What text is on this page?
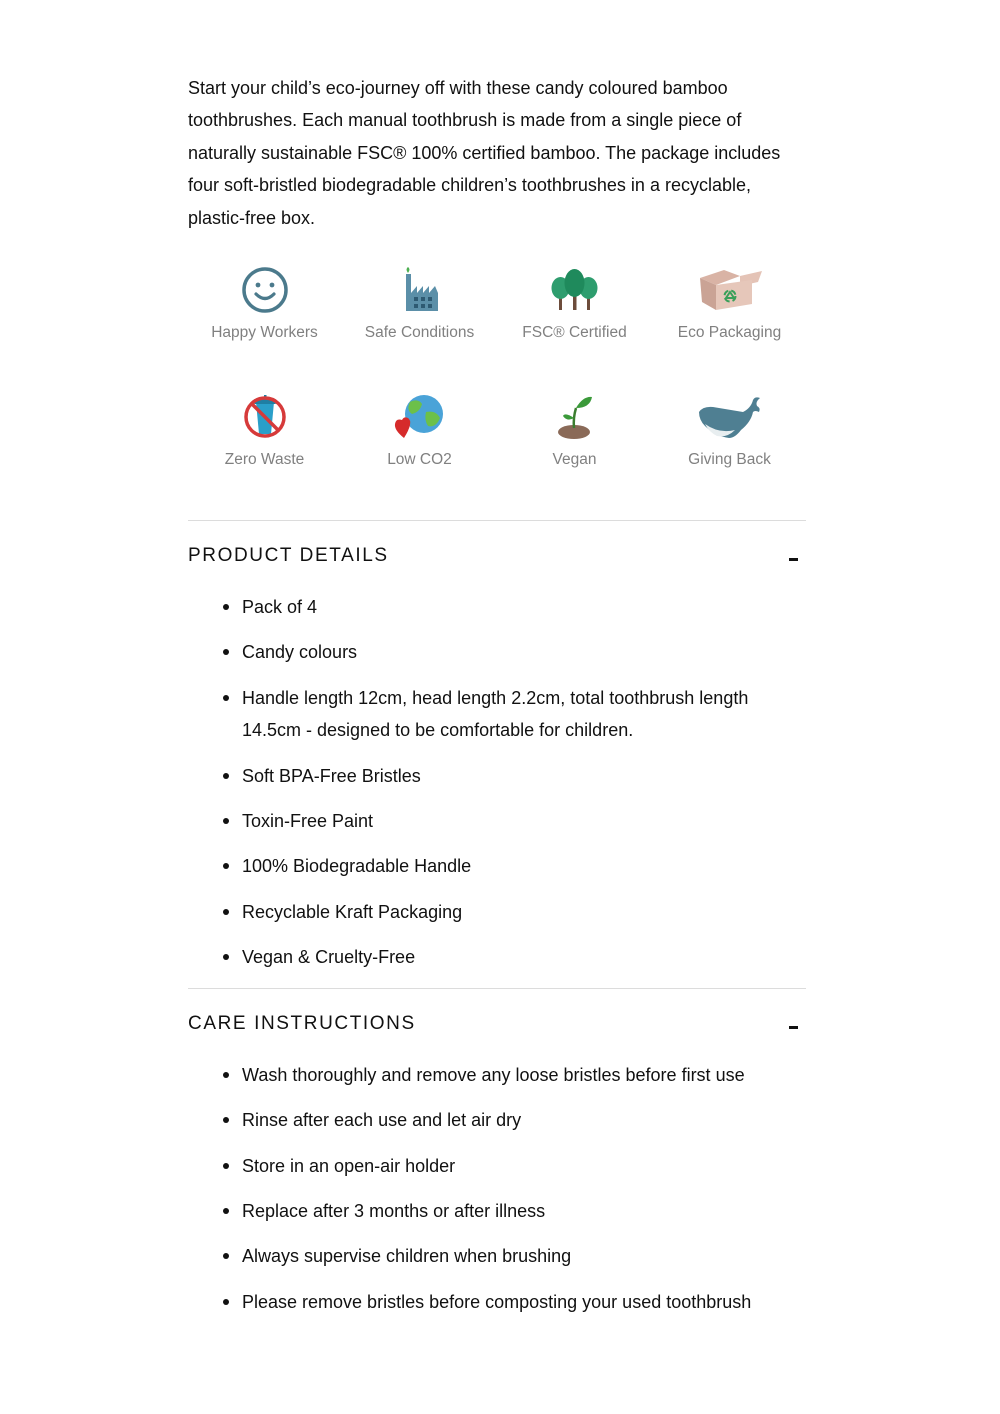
Start your child’s eco-journey off with these candy coloured bamboo toothbrushes. Each manual toothbrush is made from a single piece of naturally sustainable FSC® 100% certified bamboo. The package includes four soft-bristled biodegradable children’s toothbrushes in a recyclable, plastic-free box.

Happy Workers	Safe Conditions	FSC® Certified	Eco Packaging
Zero Waste	Low CO2	Vegan	Giving Back
PRODUCT DETAILS
Pack of 4
Candy colours
Handle length 12cm, head length 2.2cm, total toothbrush length 14.5cm - designed to be comfortable for children.
Soft BPA-Free Bristles
Toxin-Free Paint
100% Biodegradable Handle
Recyclable Kraft Packaging
Vegan & Cruelty-Free
CARE INSTRUCTIONS
Wash thoroughly and remove any loose bristles before first use
Rinse after each use and let air dry
Store in an open-air holder
Replace after 3 months or after illness
Always supervise children when brushing
Please remove bristles before composting your used toothbrush
